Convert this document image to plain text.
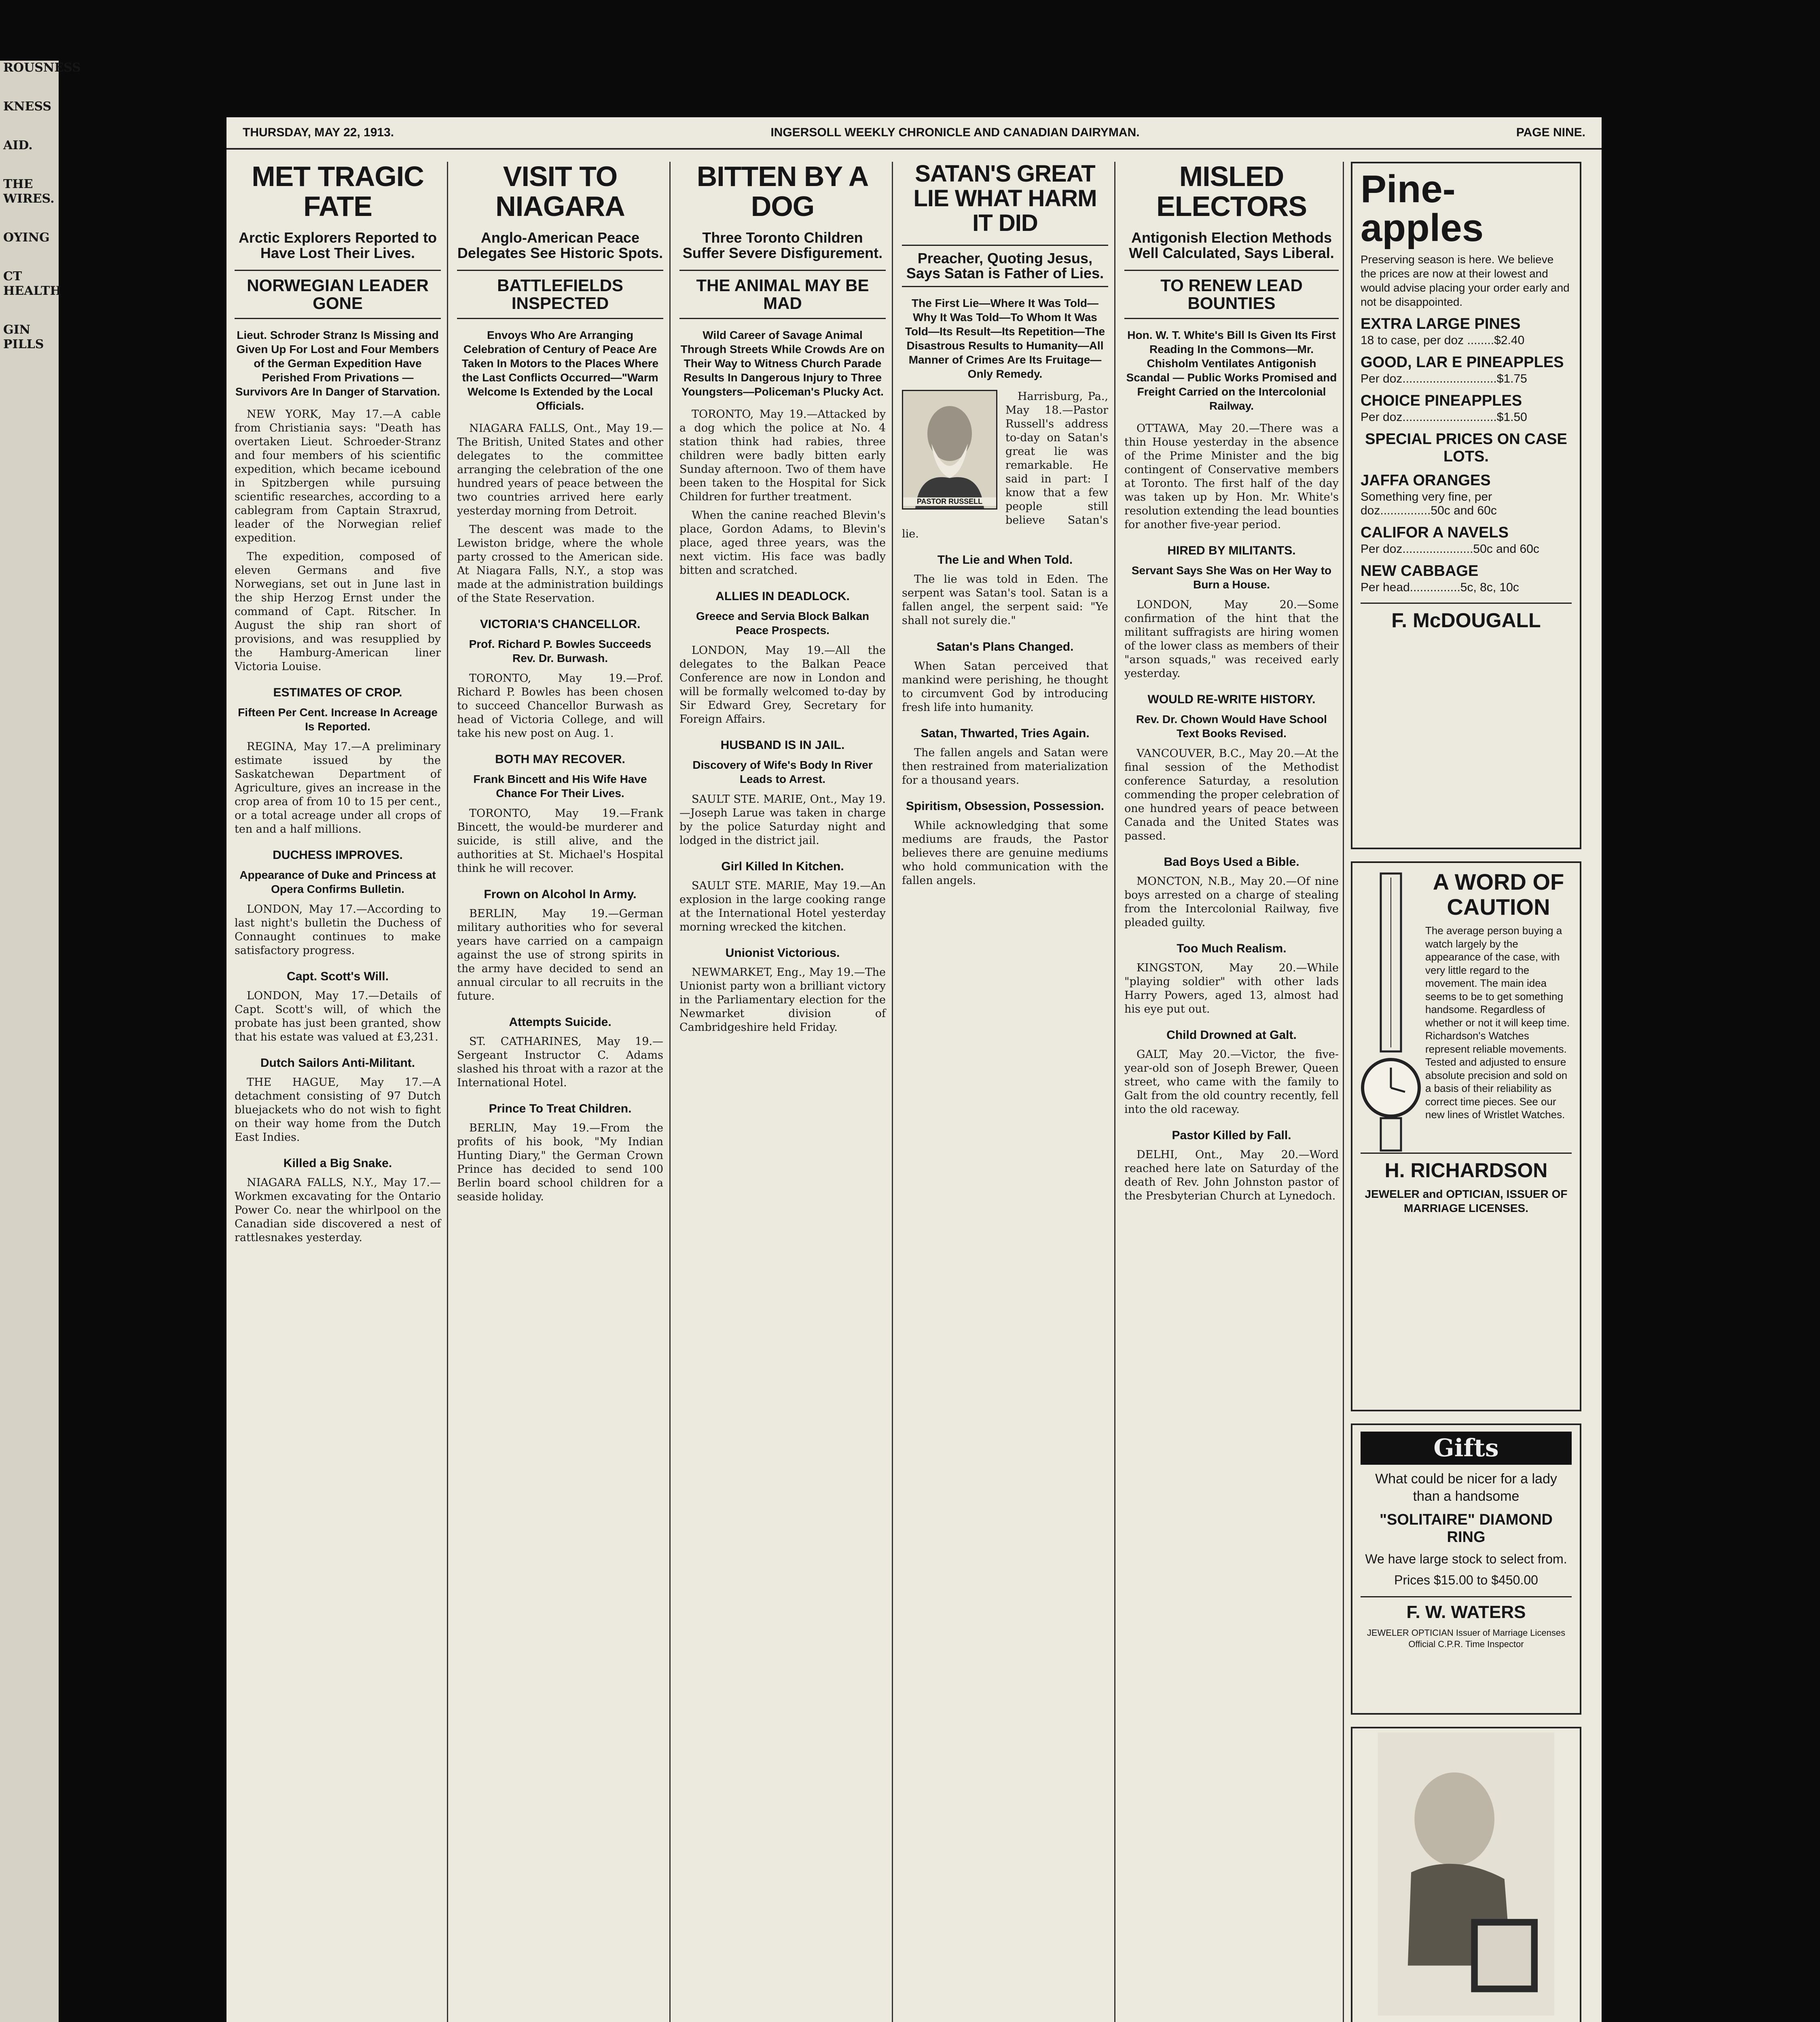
ROUSNESS

KNESS

AID.

THE WIRES.

OYING

CT HEALTH

GIN PILLS

THURSDAY, MAY 22, 1913.	INGERSOLL WEEKLY CHRONICLE AND CANADIAN DAIRYMAN.	PAGE NINE.
MET TRAGIC FATE
Arctic Explorers Reported to Have Lost Their Lives.
NORWEGIAN LEADER GONE
Lieut. Schroder Stranz Is Missing and Given Up For Lost and Four Members of the German Expedition Have Perished From Privations — Survivors Are In Danger of Starvation.

NEW YORK, May 17.—A cable from Christiania says: "Death has overtaken Lieut. Schroeder-Stranz and four members of his scientific expedition, which became icebound in Spitzbergen while pursuing scientific researches, according to a cablegram from Captain Straxrud, leader of the Norwegian relief expedition.

The expedition, composed of eleven Germans and five Norwegians, set out in June last in the ship Herzog Ernst under the command of Capt. Ritscher. In August the ship ran short of provisions, and was resupplied by the Hamburg-American liner Victoria Louise.

ESTIMATES OF CROP.
Fifteen Per Cent. Increase In Acreage Is Reported.

REGINA, May 17.—A preliminary estimate issued by the Saskatchewan Department of Agriculture, gives an increase in the crop area of from 10 to 15 per cent., or a total acreage under all crops of ten and a half millions.

DUCHESS IMPROVES.
Appearance of Duke and Princess at Opera Confirms Bulletin.

LONDON, May 17.—According to last night's bulletin the Duchess of Connaught continues to make satisfactory progress.

Capt. Scott's Will.

LONDON, May 17.—Details of Capt. Scott's will, of which the probate has just been granted, show that his estate was valued at £3,231.

Dutch Sailors Anti-Militant.

THE HAGUE, May 17.—A detachment consisting of 97 Dutch bluejackets who do not wish to fight on their way home from the Dutch East Indies.

Killed a Big Snake.

NIAGARA FALLS, N.Y., May 17.—Workmen excavating for the Ontario Power Co. near the whirlpool on the Canadian side discovered a nest of rattlesnakes yesterday.

VISIT TO NIAGARA
Anglo-American Peace Delegates See Historic Spots.
BATTLEFIELDS INSPECTED
Envoys Who Are Arranging Celebration of Century of Peace Are Taken In Motors to the Places Where the Last Conflicts Occurred—"Warm Welcome Is Extended by the Local Officials.

NIAGARA FALLS, Ont., May 19.—The British, United States and other delegates to the committee arranging the celebration of the one hundred years of peace between the two countries arrived here early yesterday morning from Detroit.

The descent was made to the Lewiston bridge, where the whole party crossed to the American side. At Niagara Falls, N.Y., a stop was made at the administration buildings of the State Reservation.

VICTORIA'S CHANCELLOR.
Prof. Richard P. Bowles Succeeds Rev. Dr. Burwash.

TORONTO, May 19.—Prof. Richard P. Bowles has been chosen to succeed Chancellor Burwash as head of Victoria College, and will take his new post on Aug. 1.

BOTH MAY RECOVER.
Frank Bincett and His Wife Have Chance For Their Lives.

TORONTO, May 19.—Frank Bincett, the would-be murderer and suicide, is still alive, and the authorities at St. Michael's Hospital think he will recover.

Frown on Alcohol In Army.

BERLIN, May 19.—German military authorities who for several years have carried on a campaign against the use of strong spirits in the army have decided to send an annual circular to all recruits in the future.

Attempts Suicide.

ST. CATHARINES, May 19.—Sergeant Instructor C. Adams slashed his throat with a razor at the International Hotel.

Prince To Treat Children.

BERLIN, May 19.—From the profits of his book, "My Indian Hunting Diary," the German Crown Prince has decided to send 100 Berlin board school children for a seaside holiday.

BITTEN BY A DOG
Three Toronto Children Suffer Severe Disfigurement.
THE ANIMAL MAY BE MAD
Wild Career of Savage Animal Through Streets While Crowds Are on Their Way to Witness Church Parade Results In Dangerous Injury to Three Youngsters—Policeman's Plucky Act.

TORONTO, May 19.—Attacked by a dog which the police at No. 4 station think had rabies, three children were badly bitten early Sunday afternoon. Two of them have been taken to the Hospital for Sick Children for further treatment.

When the canine reached Blevin's place, Gordon Adams, to Blevin's place, aged three years, was the next victim. His face was badly bitten and scratched.

ALLIES IN DEADLOCK.
Greece and Servia Block Balkan Peace Prospects.

LONDON, May 19.—All the delegates to the Balkan Peace Conference are now in London and will be formally welcomed to-day by Sir Edward Grey, Secretary for Foreign Affairs.

HUSBAND IS IN JAIL.
Discovery of Wife's Body In River Leads to Arrest.

SAULT STE. MARIE, Ont., May 19.—Joseph Larue was taken in charge by the police Saturday night and lodged in the district jail.

Girl Killed In Kitchen.

SAULT STE. MARIE, May 19.—An explosion in the large cooking range at the International Hotel yesterday morning wrecked the kitchen.

Unionist Victorious.

NEWMARKET, Eng., May 19.—The Unionist party won a brilliant victory in the Parliamentary election for the Newmarket division of Cambridgeshire held Friday.

SATAN'S GREAT LIE WHAT HARM IT DID
Preacher, Quoting Jesus, Says Satan is Father of Lies.
The First Lie—Where It Was Told—Why It Was Told—To Whom It Was Told—Its Result—Its Repetition—The Disastrous Results to Humanity—All Manner of Crimes Are Its Fruitage—Only Remedy.
PASTOR RUSSELL

Harrisburg, Pa., May 18.—Pastor Russell's address to-day on Satan's great lie was remarkable. He said in part: I know that a few people still believe Satan's lie.

The Lie and When Told.

The lie was told in Eden. The serpent was Satan's tool. Satan is a fallen angel, the serpent said: "Ye shall not surely die."

Satan's Plans Changed.

When Satan perceived that mankind were perishing, he thought to circumvent God by introducing fresh life into humanity.

Satan, Thwarted, Tries Again.

The fallen angels and Satan were then restrained from materialization for a thousand years.

Spiritism, Obsession, Possession.

While acknowledging that some mediums are frauds, the Pastor believes there are genuine mediums who hold communication with the fallen angels.

MISLED ELECTORS
Antigonish Election Methods Well Calculated, Says Liberal.
TO RENEW LEAD BOUNTIES
Hon. W. T. White's Bill Is Given Its First Reading In the Commons—Mr. Chisholm Ventilates Antigonish Scandal — Public Works Promised and Freight Carried on the Intercolonial Railway.

OTTAWA, May 20.—There was a thin House yesterday in the absence of the Prime Minister and the big contingent of Conservative members at Toronto. The first half of the day was taken up by Hon. Mr. White's resolution extending the lead bounties for another five-year period.

HIRED BY MILITANTS.
Servant Says She Was on Her Way to Burn a House.

LONDON, May 20.—Some confirmation of the hint that the militant suffragists are hiring women of the lower class as members of their "arson squads," was received early yesterday.

WOULD RE-WRITE HISTORY.
Rev. Dr. Chown Would Have School Text Books Revised.

VANCOUVER, B.C., May 20.—At the final session of the Methodist conference Saturday, a resolution commending the proper celebration of one hundred years of peace between Canada and the United States was passed.

Bad Boys Used a Bible.

MONCTON, N.B., May 20.—Of nine boys arrested on a charge of stealing from the Intercolonial Railway, five pleaded guilty.

Too Much Realism.

KINGSTON, May 20.—While "playing soldier" with other lads Harry Powers, aged 13, almost had his eye put out.

Child Drowned at Galt.

GALT, May 20.—Victor, the five-year-old son of Joseph Brewer, Queen street, who came with the family to Galt from the old country recently, fell into the old raceway.

Pastor Killed by Fall.

DELHI, Ont., May 20.—Word reached here late on Saturday of the death of Rev. John Johnston pastor of the Presbyterian Church at Lynedoch.

Pine-apples

Preserving season is here. We believe the prices are now at their lowest and would advise placing your order early and not be disappointed.

EXTRA LARGE PINES
18 to case, per doz ........$2.40
GOOD, LAR E PINEAPPLES
Per doz............................$1.75
CHOICE PINEAPPLES
Per doz............................$1.50
SPECIAL PRICES ON CASE LOTS.
JAFFA ORANGES
Something very fine, per doz...............50c and 60c
CALIFOR A NAVELS
Per doz.....................50c and 60c
NEW CABBAGE
Per head...............5c, 8c, 10c
F. McDOUGALL
A WORD OF CAUTION

The average person buying a watch largely by the appearance of the case, with very little regard to the movement. The main idea seems to be to get something handsome. Regardless of whether or not it will keep time. Richardson's Watches represent reliable movements. Tested and adjusted to ensure absolute precision and sold on a basis of their reliability as correct time pieces. See our new lines of Wristlet Watches.

H. RICHARDSON
JEWELER and OPTICIAN, ISSUER OF MARRIAGE LICENSES.
Gifts

What could be nicer for a lady than a handsome

"SOLITAIRE" DIAMOND RING

We have large stock to select from.

Prices $15.00 to $450.00

F. W. WATERS
JEWELER OPTICIAN Issuer of Marriage Licenses Official C.P.R. Time Inspector
